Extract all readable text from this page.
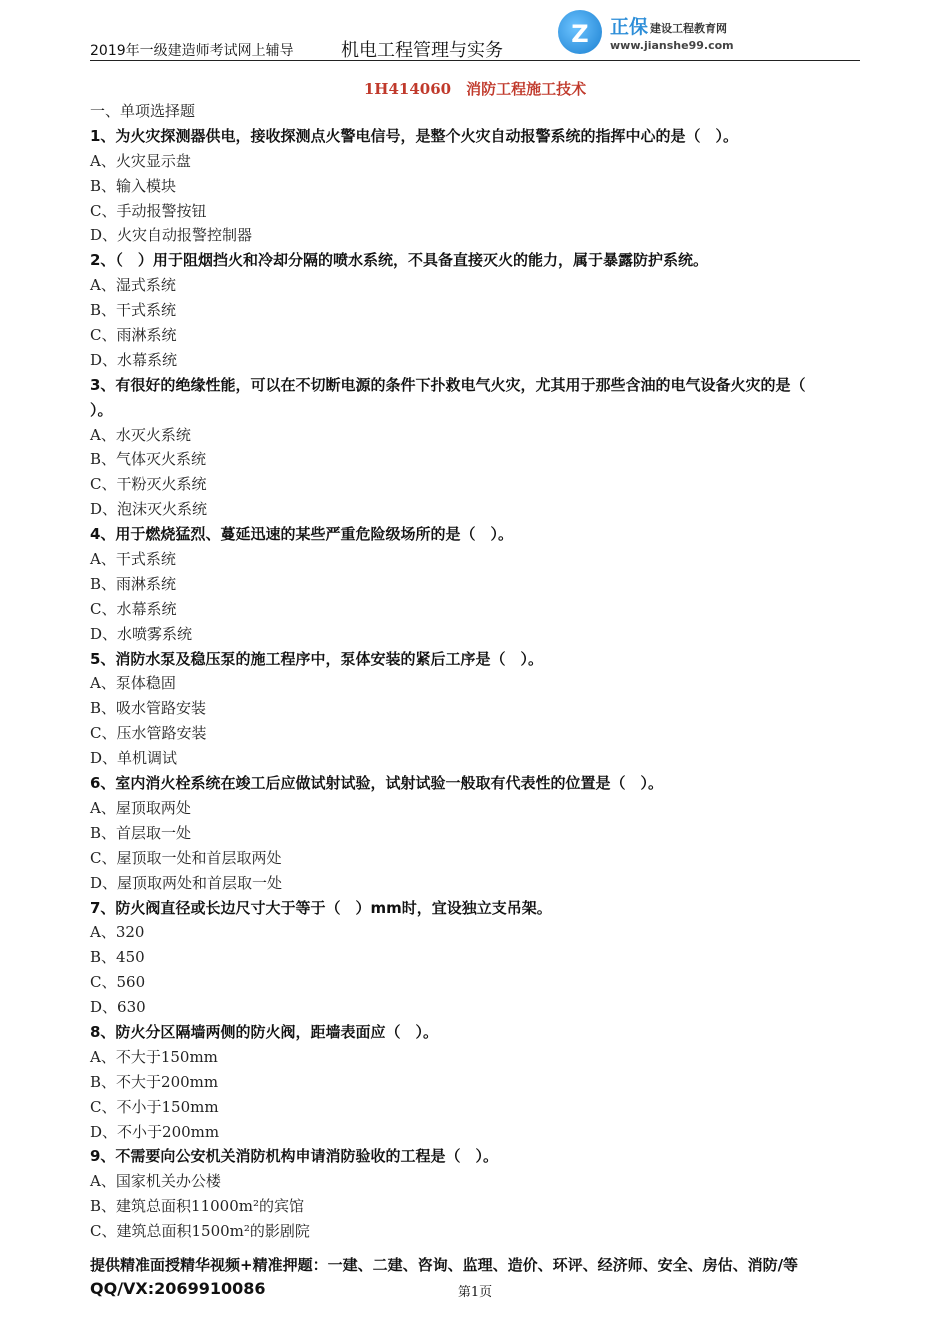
2019年一级建造师考试网上辅导	机电工程管理与实务
Z 正保 建设工程教育网
www.jianshe99.com
1H414060　消防工程施工技术
一、单项选择题
1、为火灾探测器供电，接收探测点火警电信号，是整个火灾自动报警系统的指挥中心的是（　）。
A、火灾显示盘
B、输入模块
C、手动报警按钮
D、火灾自动报警控制器
2、（　）用于阻烟挡火和冷却分隔的喷水系统，不具备直接灭火的能力，属于暴露防护系统。
A、湿式系统
B、干式系统
C、雨淋系统
D、水幕系统
3、有很好的绝缘性能，可以在不切断电源的条件下扑救电气火灾，尤其用于那些含油的电气设备火灾的是（
）。
A、水灭火系统
B、气体灭火系统
C、干粉灭火系统
D、泡沫灭火系统
4、用于燃烧猛烈、蔓延迅速的某些严重危险级场所的是（　）。
A、干式系统
B、雨淋系统
C、水幕系统
D、水喷雾系统
5、消防水泵及稳压泵的施工程序中，泵体安装的紧后工序是（　）。
A、泵体稳固
B、吸水管路安装
C、压水管路安装
D、单机调试
6、室内消火栓系统在竣工后应做试射试验，试射试验一般取有代表性的位置是（　）。
A、屋顶取两处
B、首层取一处
C、屋顶取一处和首层取两处
D、屋顶取两处和首层取一处
7、防火阀直径或长边尺寸大于等于（　）mm时，宜设独立支吊架。
A、320
B、450
C、560
D、630
8、防火分区隔墙两侧的防火阀，距墙表面应（　）。
A、不大于150mm
B、不大于200mm
C、不小于150mm
D、不小于200mm
9、不需要向公安机关消防机构申请消防验收的工程是（　）。
A、国家机关办公楼
B、建筑总面积11000m²的宾馆
C、建筑总面积1500m²的影剧院
提供精准面授精华视频+精准押题：一建、二建、咨询、监理、造价、环评、经济师、安全、房估、消防/等
QQ/VX:2069910086	第1页
